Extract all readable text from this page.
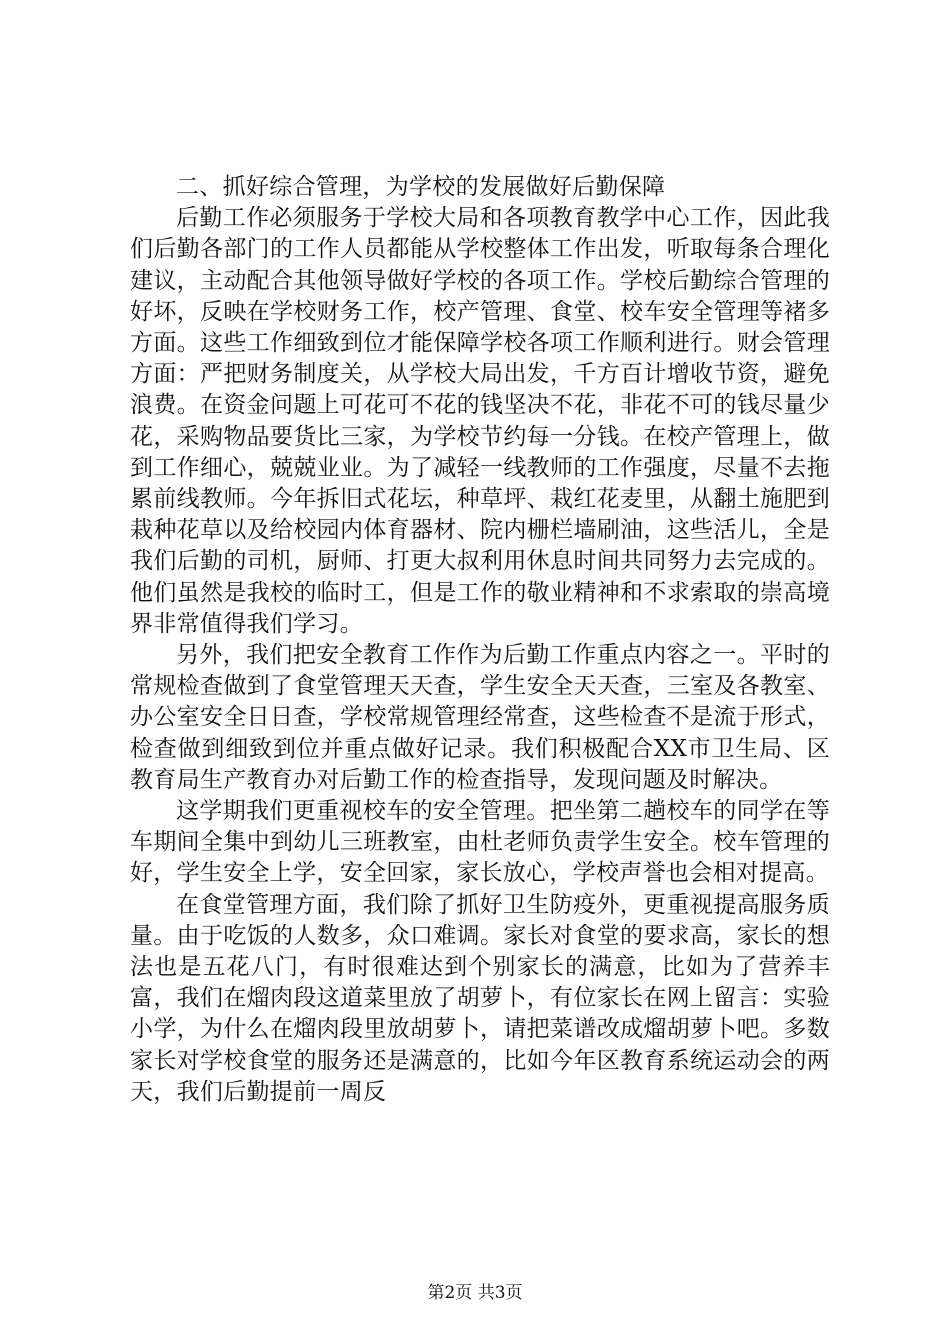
二、抓好综合管理，为学校的发展做好后勤保障

后勤工作必须服务于学校大局和各项教育教学中心工作，因此我们后勤各部门的工作人员都能从学校整体工作出发，听取每条合理化建议，主动配合其他领导做好学校的各项工作。学校后勤综合管理的好坏，反映在学校财务工作，校产管理、食堂、校车安全管理等褚多方面。这些工作细致到位才能保障学校各项工作顺利进行。财会管理方面：严把财务制度关，从学校大局出发，千方百计增收节资，避免浪费。在资金问题上可花可不花的钱坚决不花，非花不可的钱尽量少花，采购物品要货比三家，为学校节约每一分钱。在校产管理上，做到工作细心，兢兢业业。为了减轻一线教师的工作强度，尽量不去拖累前线教师。今年拆旧式花坛，种草坪、栽红花麦里，从翻土施肥到栽种花草以及给校园内体育器材、院内栅栏墙刷油，这些活儿，全是我们后勤的司机，厨师、打更大叔利用休息时间共同努力去完成的。他们虽然是我校的临时工，但是工作的敬业精神和不求索取的崇高境界非常值得我们学习。

另外，我们把安全教育工作作为后勤工作重点内容之一。平时的常规检查做到了食堂管理天天查，学生安全天天查，三室及各教室、办公室安全日日查，学校常规管理经常查，这些检查不是流于形式，检查做到细致到位并重点做好记录。我们积极配合XX市卫生局、区教育局生产教育办对后勤工作的检查指导，发现问题及时解决。

这学期我们更重视校车的安全管理。把坐第二趟校车的同学在等车期间全集中到幼儿三班教室，由杜老师负责学生安全。校车管理的好，学生安全上学，安全回家，家长放心，学校声誉也会相对提高。

在食堂管理方面，我们除了抓好卫生防疫外，更重视提高服务质量。由于吃饭的人数多，众口难调。家长对食堂的要求高，家长的想法也是五花八门，有时很难达到个别家长的满意，比如为了营养丰富，我们在熘肉段这道菜里放了胡萝卜，有位家长在网上留言：实验小学，为什么在熘肉段里放胡萝卜，请把菜谱改成熘胡萝卜吧。多数家长对学校食堂的服务还是满意的，比如今年区教育系统运动会的两天，我们后勤提前一周反

第2页 共3页
